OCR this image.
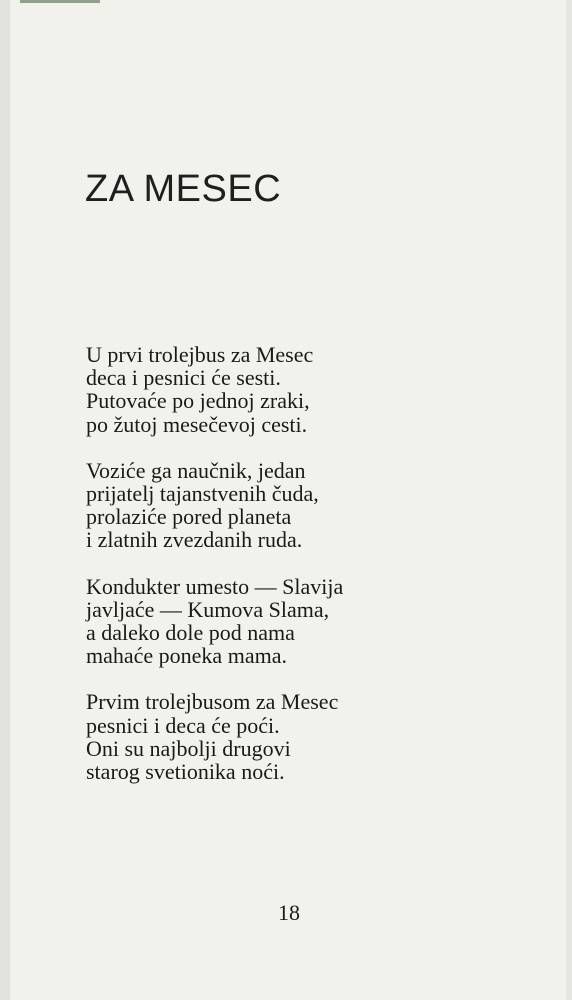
ZA MESEC

U prvi trolejbus za Mesec
deca i pesnici će sesti.
Putovaće po jednoj zraki,
po žutoj mesečevoj cesti.

Voziće ga naučnik, jedan
prijatelj tajanstvenih čuda,
prolaziće pored planeta
i zlatnih zvezdanih ruda.

Kondukter umesto — Slavija
javljaće — Kumova Slama,
a daleko dole pod nama
mahaće poneka mama.

Prvim trolejbusom za Mesec
pesnici i deca će poći.
Oni su najbolji drugovi
starog svetionika noći.

18
